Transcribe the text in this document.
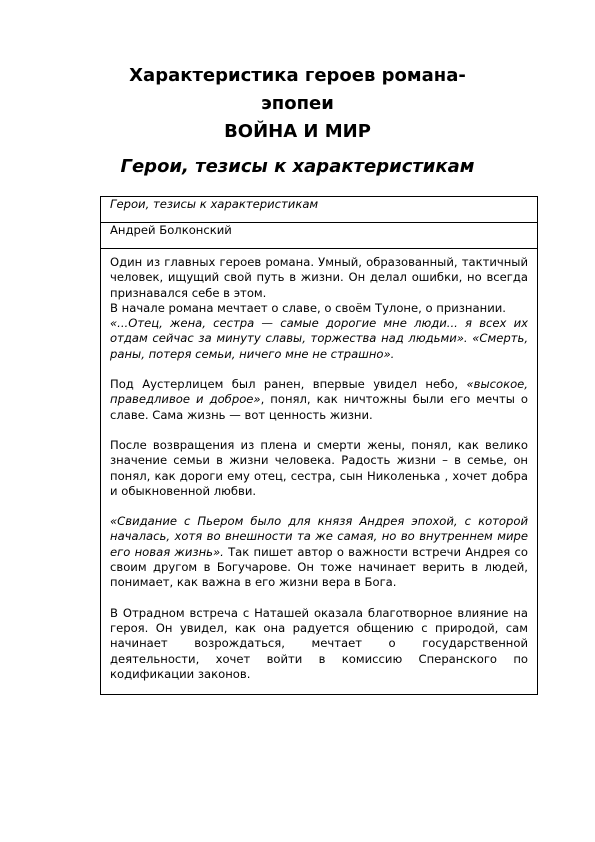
Характеристика героев романа-

эпопеи

ВОЙНА И МИР

Герои, тезисы к характеристикам

Герои, тезисы к характеристикам
Андрей Болконский

Один из главных героев романа. Умный, образованный, тактичный человек, ищущий свой путь в жизни. Он делал ошибки, но всегда признавался себе в этом.

В начале романа мечтает о славе, о своём Тулоне, о признании.

«...Отец, жена, сестра — самые дорогие мне люди... я всех их отдам сейчас за минуту славы, торжества над людьми». «Смерть, раны, потеря семьи, ничего мне не страшно».

Под Аустерлицем был ранен, впервые увидел небо, «высокое, праведливое и доброе», понял, как ничтожны были его мечты о славе. Сама жизнь — вот ценность жизни.

После возвращения из плена и смерти жены, понял, как велико значение семьи в жизни человека. Радость жизни – в семье, он понял, как дороги ему отец, сестра, сын Николенька , хочет добра и обыкновенной любви.

«Свидание с Пьером было для князя Андрея эпохой, с которой началась, хотя во внешности та же самая, но во внутреннем мире его новая жизнь». Так пишет автор о важности встречи Андрея со своим другом в Богучарове. Он тоже начинает верить в людей, понимает, как важна в его жизни вера в Бога.

В Отрадном встреча с Наташей оказала благотворное влияние на героя. Он увидел, как она радуется общению с природой, сам начинает возрождаться, мечтает о государственной деятельности, хочет войти в комиссию Сперанского по кодификации законов.
